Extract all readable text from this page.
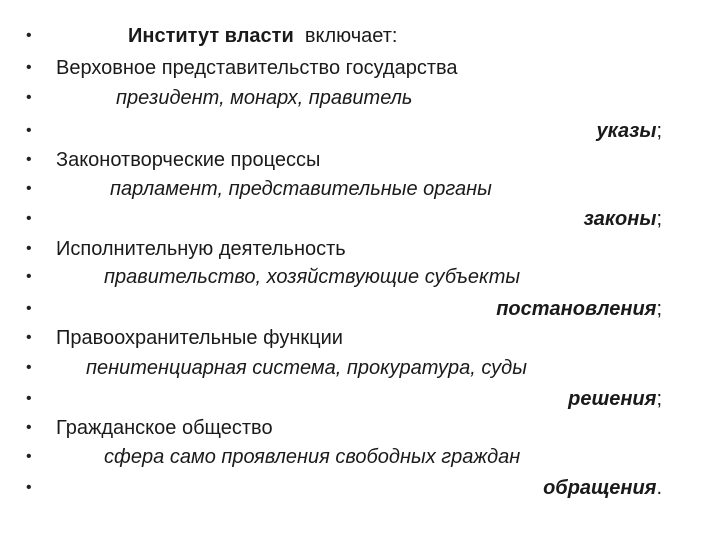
•	Институт власти включает:
• Верховное представительство государства
•	президент, монарх, правитель
•	указы;
• Законотворческие процессы
•	парламент, представительные органы
•	законы;
• Исполнительную деятельность
•	правительство, хозяйствующие субъекты
•	постановления;
• Правоохранительные функции
•	пенитенциарная система, прокуратура, суды
•	решения;
• Гражданское общество
•	сфера само проявления свободных граждан
•	обращения.
